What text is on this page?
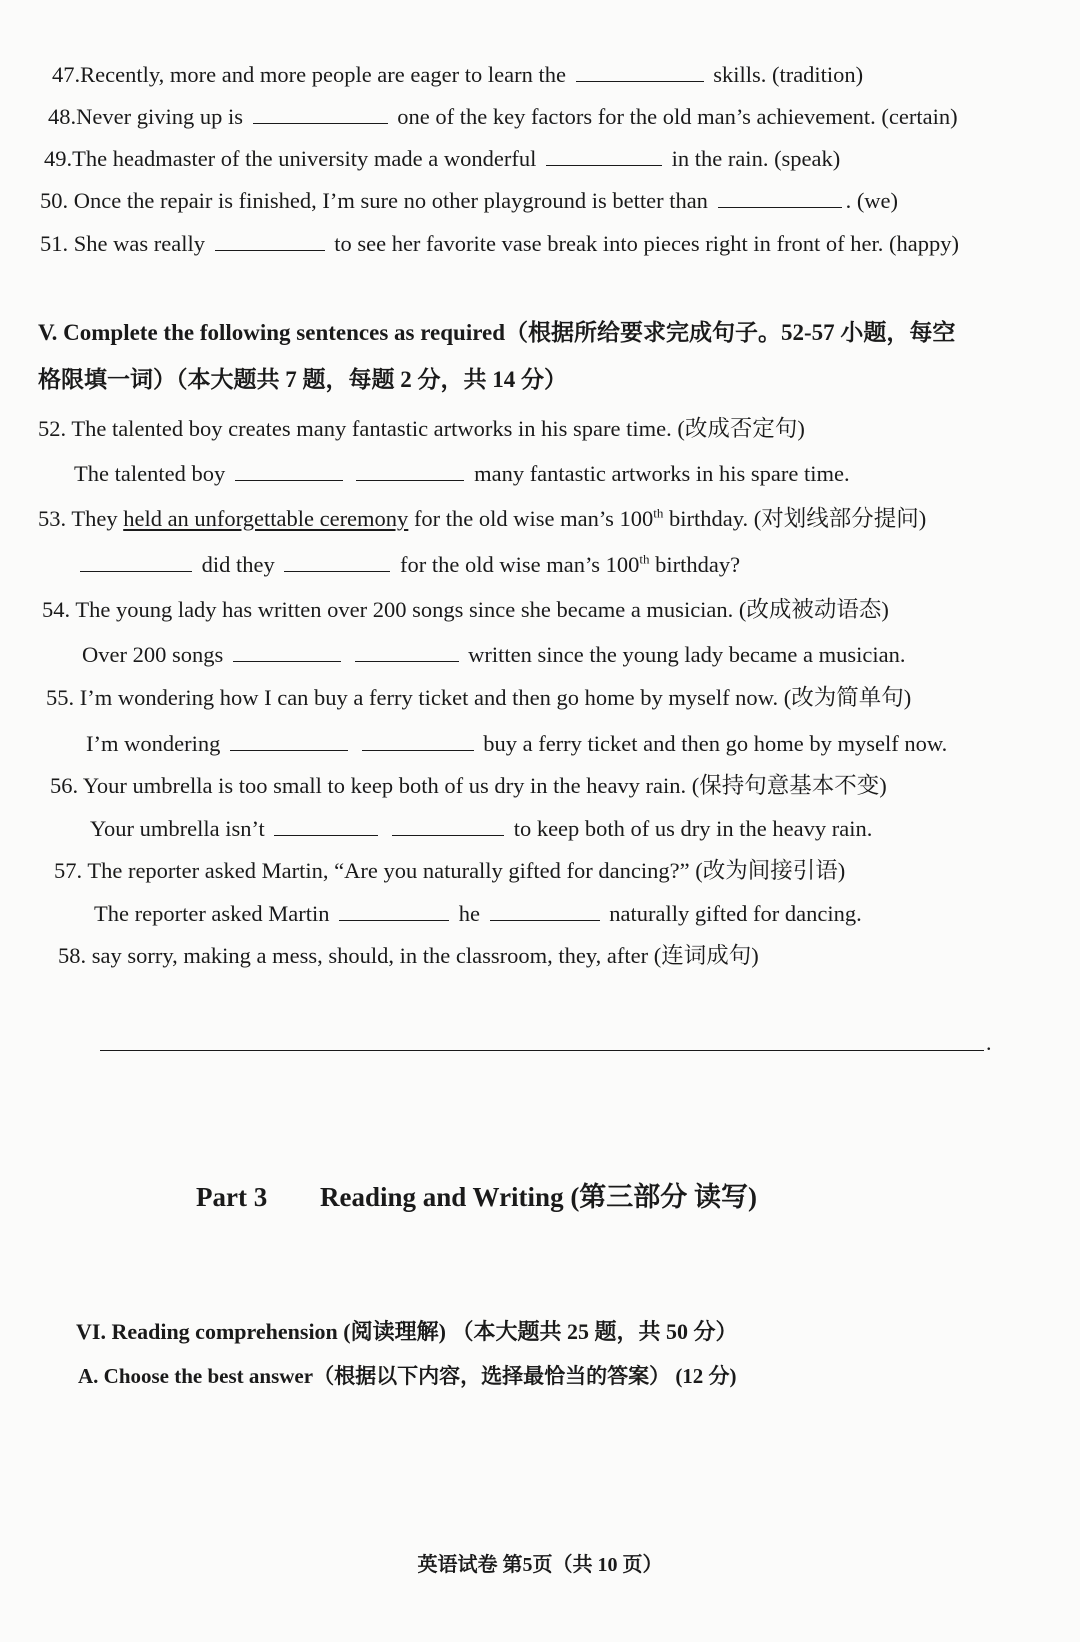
47.Recently, more and more people are eager to learn the	skills. (tradition)
48.Never giving up is	one of the key factors for the old man’s achievement. (certain)
49.The headmaster of the university made a wonderful	in the rain. (speak)
50. Once the repair is finished, I’m sure no other playground is better than	. (we)
51. She was really	to see her favorite vase break into pieces right in front of her. (happy)
V. Complete the following sentences as required（根据所给要求完成句子。52-57 小题，每空
格限填一词）（本大题共 7 题，每题 2 分，共 14 分）
52. The talented boy creates many fantastic artworks in his spare time. (改成否定句)
The talented boy	many fantastic artworks in his spare time.
53. They held an unforgettable ceremony for the old wise man’s 100th birthday. (对划线部分提问)
did they	for the old wise man’s 100th birthday?
54. The young lady has written over 200 songs since she became a musician. (改成被动语态)
Over 200 songs	written since the young lady became a musician.
55. I’m wondering how I can buy a ferry ticket and then go home by myself now. (改为简单句)
I’m wondering	buy a ferry ticket and then go home by myself now.
56. Your umbrella is too small to keep both of us dry in the heavy rain. (保持句意基本不变)
Your umbrella isn’t	to keep both of us dry in the heavy rain.
57. The reporter asked Martin, “Are you naturally gifted for dancing?” (改为间接引语)
The reporter asked Martin	he	naturally gifted for dancing.
58. say sorry, making a mess, should, in the classroom, they, after (连词成句)
.
Part 3 Reading and Writing (第三部分 读写)
VI. Reading comprehension (阅读理解) （本大题共 25 题，共 50 分）
A. Choose the best answer（根据以下内容，选择最恰当的答案） (12 分)
英语试卷 第5页（共 10 页）
